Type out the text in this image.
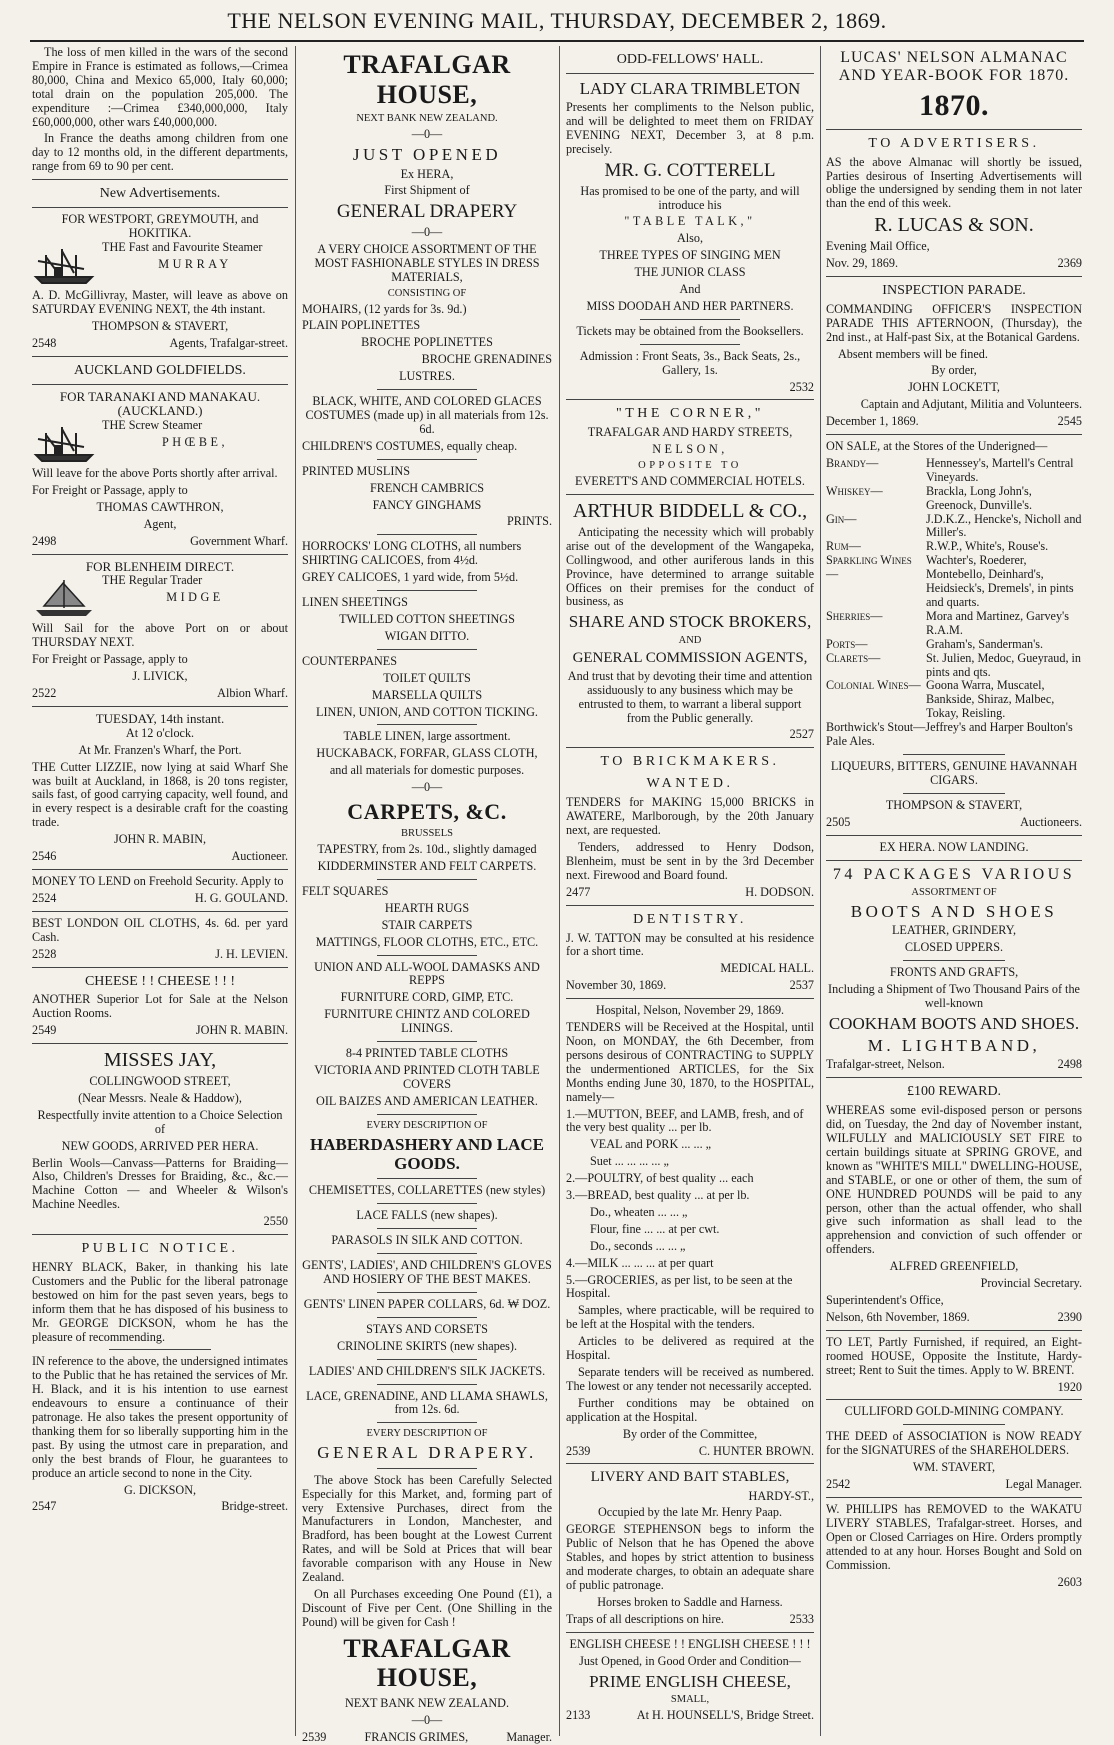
THE NELSON EVENING MAIL, THURSDAY, DECEMBER 2, 1869.

The loss of men killed in the wars of the second Empire in France is estimated as follows,—Crimea 80,000, China and Mexico 65,000, Italy 60,000; total drain on the population 205,000. The expenditure :—Crimea £340,000,000, Italy £60,000,000, other wars £40,000,000.

In France the deaths among children from one day to 12 months old, in the different departments, range from 69 to 90 per cent.

New Advertisements.
FOR WESTPORT, GREYMOUTH, and HOKITIKA.

THE Fast and Favourite Steamer

MURRAY

A. D. McGillivray, Master, will leave as above on SATURDAY EVENING NEXT, the 4th instant.

THOMPSON & STAVERT,

2548	Agents, Trafalgar-street.
AUCKLAND GOLDFIELDS.
FOR TARANAKI AND MANAKAU. (AUCKLAND.)

THE Screw Steamer

PHŒBE,

Will leave for the above Ports shortly after arrival.

For Freight or Passage, apply to

THOMAS CAWTHRON,

Agent,

2498	Government Wharf.
FOR BLENHEIM DIRECT.

THE Regular Trader

MIDGE

Will Sail for the above Port on or about THURSDAY NEXT.

For Freight or Passage, apply to

J. LIVICK,

2522	Albion Wharf.
TUESDAY, 14th instant.

At 12 o'clock.

At Mr. Franzen's Wharf, the Port.

THE Cutter LIZZIE, now lying at said Wharf She was built at Auckland, in 1868, is 20 tons register, sails fast, of good carrying capacity, well found, and in every respect is a desirable craft for the coasting trade.

JOHN R. MABIN,

2546	Auctioneer.

MONEY TO LEND on Freehold Security. Apply to

2524	H. G. GOULAND.

BEST LONDON OIL CLOTHS, 4s. 6d. per yard Cash.

2528	J. H. LEVIEN.
CHEESE ! ! CHEESE ! ! !

ANOTHER Superior Lot for Sale at the Nelson Auction Rooms.

2549	JOHN R. MABIN.
MISSES JAY,

COLLINGWOOD STREET,

(Near Messrs. Neale & Haddow),

Respectfully invite attention to a Choice Selection of

NEW GOODS, ARRIVED PER HERA.

Berlin Wools—Canvass—Patterns for Braiding—Also, Children's Dresses for Braiding, &c., &c.—Machine Cotton — and Wheeler & Wilson's Machine Needles.

2550

PUBLIC NOTICE.

HENRY BLACK, Baker, in thanking his late Customers and the Public for the liberal patronage bestowed on him for the past seven years, begs to inform them that he has disposed of his business to Mr. GEORGE DICKSON, whom he has the pleasure of recommending.

IN reference to the above, the undersigned intimates to the Public that he has retained the services of Mr. H. Black, and it is his intention to use earnest endeavours to ensure a continuance of their patronage. He also takes the present opportunity of thanking them for so liberally supporting him in the past. By using the utmost care in preparation, and only the best brands of Flour, he guarantees to produce an article second to none in the City.

G. DICKSON,

2547	Bridge-street.
TRAFALGAR HOUSE,

NEXT BANK NEW ZEALAND.

—0—

JUST OPENED

Ex HERA,

First Shipment of

GENERAL DRAPERY

—0—

A VERY CHOICE ASSORTMENT OF THE MOST FASHIONABLE STYLES IN DRESS MATERIALS,

CONSISTING OF

MOHAIRS, (12 yards for 3s. 9d.)

PLAIN POPLINETTES

BROCHE POPLINETTES

BROCHE GRENADINES

LUSTRES.

BLACK, WHITE, AND COLORED GLACES COSTUMES (made up) in all materials from 12s. 6d.

CHILDREN'S COSTUMES, equally cheap.

PRINTED MUSLINS

FRENCH CAMBRICS

FANCY GINGHAMS

PRINTS.

HORROCKS' LONG CLOTHS, all numbers SHIRTING CALICOES, from 4½d.

GREY CALICOES, 1 yard wide, from 5½d.

LINEN SHEETINGS

TWILLED COTTON SHEETINGS

WIGAN DITTO.

COUNTERPANES

TOILET QUILTS

MARSELLA QUILTS

LINEN, UNION, AND COTTON TICKING.

TABLE LINEN, large assortment.

HUCKABACK, FORFAR, GLASS CLOTH,

and all materials for domestic purposes.

—0—

CARPETS, &C.

BRUSSELS

TAPESTRY, from 2s. 10d., slightly damaged

KIDDERMINSTER AND FELT CARPETS.

FELT SQUARES

HEARTH RUGS

STAIR CARPETS

MATTINGS, FLOOR CLOTHS, ETC., ETC.

UNION AND ALL-WOOL DAMASKS AND REPPS

FURNITURE CORD, GIMP, ETC.

FURNITURE CHINTZ AND COLORED LININGS.

8-4 PRINTED TABLE CLOTHS

VICTORIA AND PRINTED CLOTH TABLE COVERS

OIL BAIZES AND AMERICAN LEATHER.

EVERY DESCRIPTION OF

HABERDASHERY AND LACE GOODS.

CHEMISETTES, COLLARETTES (new styles)

LACE FALLS (new shapes).

PARASOLS IN SILK AND COTTON.

GENTS', LADIES', AND CHILDREN'S GLOVES AND HOSIERY OF THE BEST MAKES.

GENTS' LINEN PAPER COLLARS, 6d. ₩ DOZ.

STAYS AND CORSETS

CRINOLINE SKIRTS (new shapes).

LADIES' AND CHILDREN'S SILK JACKETS.

LACE, GRENADINE, AND LLAMA SHAWLS, from 12s. 6d.

EVERY DESCRIPTION OF

GENERAL DRAPERY.

The above Stock has been Carefully Selected Especially for this Market, and, forming part of very Extensive Purchases, direct from the Manufacturers in London, Manchester, and Bradford, has been bought at the Lowest Current Rates, and will be Sold at Prices that will bear favorable comparison with any House in New Zealand.

On all Purchases exceeding One Pound (£1), a Discount of Five per Cent. (One Shilling in the Pound) will be given for Cash !

TRAFALGAR HOUSE,

NEXT BANK NEW ZEALAND.

—0—

2539	FRANCIS GRIMES,	Manager.
ODD-FELLOWS' HALL.
LADY CLARA TRIMBLETON

Presents her compliments to the Nelson public, and will be delighted to meet them on FRIDAY EVENING NEXT, December 3, at 8 p.m. precisely.

MR. G. COTTERELL

Has promised to be one of the party, and will introduce his

"TABLE TALK,"

Also,

THREE TYPES OF SINGING MEN

THE JUNIOR CLASS

And

MISS DOODAH AND HER PARTNERS.

Tickets may be obtained from the Booksellers.

Admission : Front Seats, 3s., Back Seats, 2s., Gallery, 1s.

2532

"THE CORNER,"

TRAFALGAR AND HARDY STREETS,

NELSON,

OPPOSITE TO

EVERETT'S AND COMMERCIAL HOTELS.

ARTHUR BIDDELL & CO.,

Anticipating the necessity which will probably arise out of the development of the Wangapeka, Collingwood, and other auriferous lands in this Province, have determined to arrange suitable Offices on their premises for the conduct of business, as

SHARE AND STOCK BROKERS,

AND

GENERAL COMMISSION AGENTS,

And trust that by devoting their time and attention assiduously to any business which may be entrusted to them, to warrant a liberal support from the Public generally.

2527

TO BRICKMAKERS.
WANTED.

TENDERS for MAKING 15,000 BRICKS in AWATERE, Marlborough, by the 20th January next, are requested.

Tenders, addressed to Henry Dodson, Blenheim, must be sent in by the 3rd December next. Firewood and Board found.

2477	H. DODSON.
DENTISTRY.

J. W. TATTON may be consulted at his residence for a short time.

MEDICAL HALL.

November 30, 1869.	2537

Hospital, Nelson, November 29, 1869.

TENDERS will be Received at the Hospital, until Noon, on MONDAY, the 6th December, from persons desirous of CONTRACTING to SUPPLY the undermentioned ARTICLES, for the Six Months ending June 30, 1870, to the HOSPITAL, namely—

1.—MUTTON, BEEF, and LAMB, fresh, and of the very best quality ... per lb.

VEAL and PORK ... ... „

Suet ... ... ... ... „

2.—POULTRY, of best quality ... each

3.—BREAD, best quality ... at per lb.

Do., wheaten ... ... „

Flour, fine ... ... at per cwt.

Do., seconds ... ... „

4.—MILK ... ... ... at per quart

5.—GROCERIES, as per list, to be seen at the Hospital.

Samples, where practicable, will be required to be left at the Hospital with the tenders.

Articles to be delivered as required at the Hospital.

Separate tenders will be received as numbered. The lowest or any tender not necessarily accepted.

Further conditions may be obtained on application at the Hospital.

By order of the Committee,

2539	C. HUNTER BROWN.
LIVERY AND BAIT STABLES,

HARDY-ST.,

Occupied by the late Mr. Henry Paap.

GEORGE STEPHENSON begs to inform the Public of Nelson that he has Opened the above Stables, and hopes by strict attention to business and moderate charges, to obtain an adequate share of public patronage.

Horses broken to Saddle and Harness.

Traps of all descriptions on hire.	2533

ENGLISH CHEESE ! ! ENGLISH CHEESE ! ! !

Just Opened, in Good Order and Condition—

PRIME ENGLISH CHEESE,

SMALL,

2133	At H. HOUNSELL'S, Bridge Street.
LUCAS' NELSON ALMANAC AND YEAR-BOOK FOR 1870.
1870.
TO ADVERTISERS.

AS the above Almanac will shortly be issued, Parties desirous of Inserting Advertisements will oblige the undersigned by sending them in not later than the end of this week.

R. LUCAS & SON.

Evening Mail Office,

Nov. 29, 1869.	2369
INSPECTION PARADE.

COMMANDING OFFICER'S INSPECTION PARADE THIS AFTERNOON, (Thursday), the 2nd inst., at Half-past Six, at the Botanical Gardens.

Absent members will be fined.

By order,

JOHN LOCKETT,

Captain and Adjutant, Militia and Volunteers.

December 1, 1869.	2545

ON SALE, at the Stores of the Underigned—

Brandy—	Hennessey's, Martell's Central Vineyards.
Whiskey—	Brackla, Long John's, Greenock, Dunville's.
Gin—	J.D.K.Z., Hencke's, Nicholl and Miller's.
Rum—	R.W.P., White's, Rouse's.
Sparkling Wines—
Wachter's, Roederer, Montebello, Deinhard's, Heidsieck's, Dremels', in pints and quarts.
Sherries—	Mora and Martinez, Garvey's R.A.M.
Ports—	Graham's, Sanderman's.
Clarets—	St. Julien, Medoc, Gueyraud, in pints and qts.
Colonial Wines— Goona Warra, Muscatel, Bankside, Shiraz, Malbec, Tokay, Reisling.

Borthwick's Stout—Jeffrey's and Harper Boulton's Pale Ales.

LIQUEURS, BITTERS, GENUINE HAVANNAH CIGARS.

THOMPSON & STAVERT,

2505	Auctioneers.

EX HERA. NOW LANDING.

74 PACKAGES VARIOUS

ASSORTMENT OF

BOOTS AND SHOES

LEATHER, GRINDERY,

CLOSED UPPERS.

FRONTS AND GRAFTS,

Including a Shipment of Two Thousand Pairs of the well-known

COOKHAM BOOTS AND SHOES.
M. LIGHTBAND,
Trafalgar-street, Nelson.	2498
£100 REWARD.

WHEREAS some evil-disposed person or persons did, on Tuesday, the 2nd day of November instant, WILFULLY and MALICIOUSLY SET FIRE to certain buildings situate at SPRING GROVE, and known as "WHITE'S MILL" DWELLING-HOUSE, and STABLE, or one or other of them, the sum of ONE HUNDRED POUNDS will be paid to any person, other than the actual offender, who shall give such information as shall lead to the apprehension and conviction of such offender or offenders.

ALFRED GREENFIELD,

Provincial Secretary.

Superintendent's Office,

Nelson, 6th November, 1869.	2390

TO LET, Partly Furnished, if required, an Eight-roomed HOUSE, Opposite the Institute, Hardy-street; Rent to Suit the times. Apply to W. BRENT.

1920

CULLIFORD GOLD-MINING COMPANY.

THE DEED of ASSOCIATION is NOW READY for the SIGNATURES of the SHAREHOLDERS.

WM. STAVERT,

2542	Legal Manager.

W. PHILLIPS has REMOVED to the WAKATU LIVERY STABLES, Trafalgar-street. Horses, and Open or Closed Carriages on Hire. Orders promptly attended to at any hour. Horses Bought and Sold on Commission.

2603
